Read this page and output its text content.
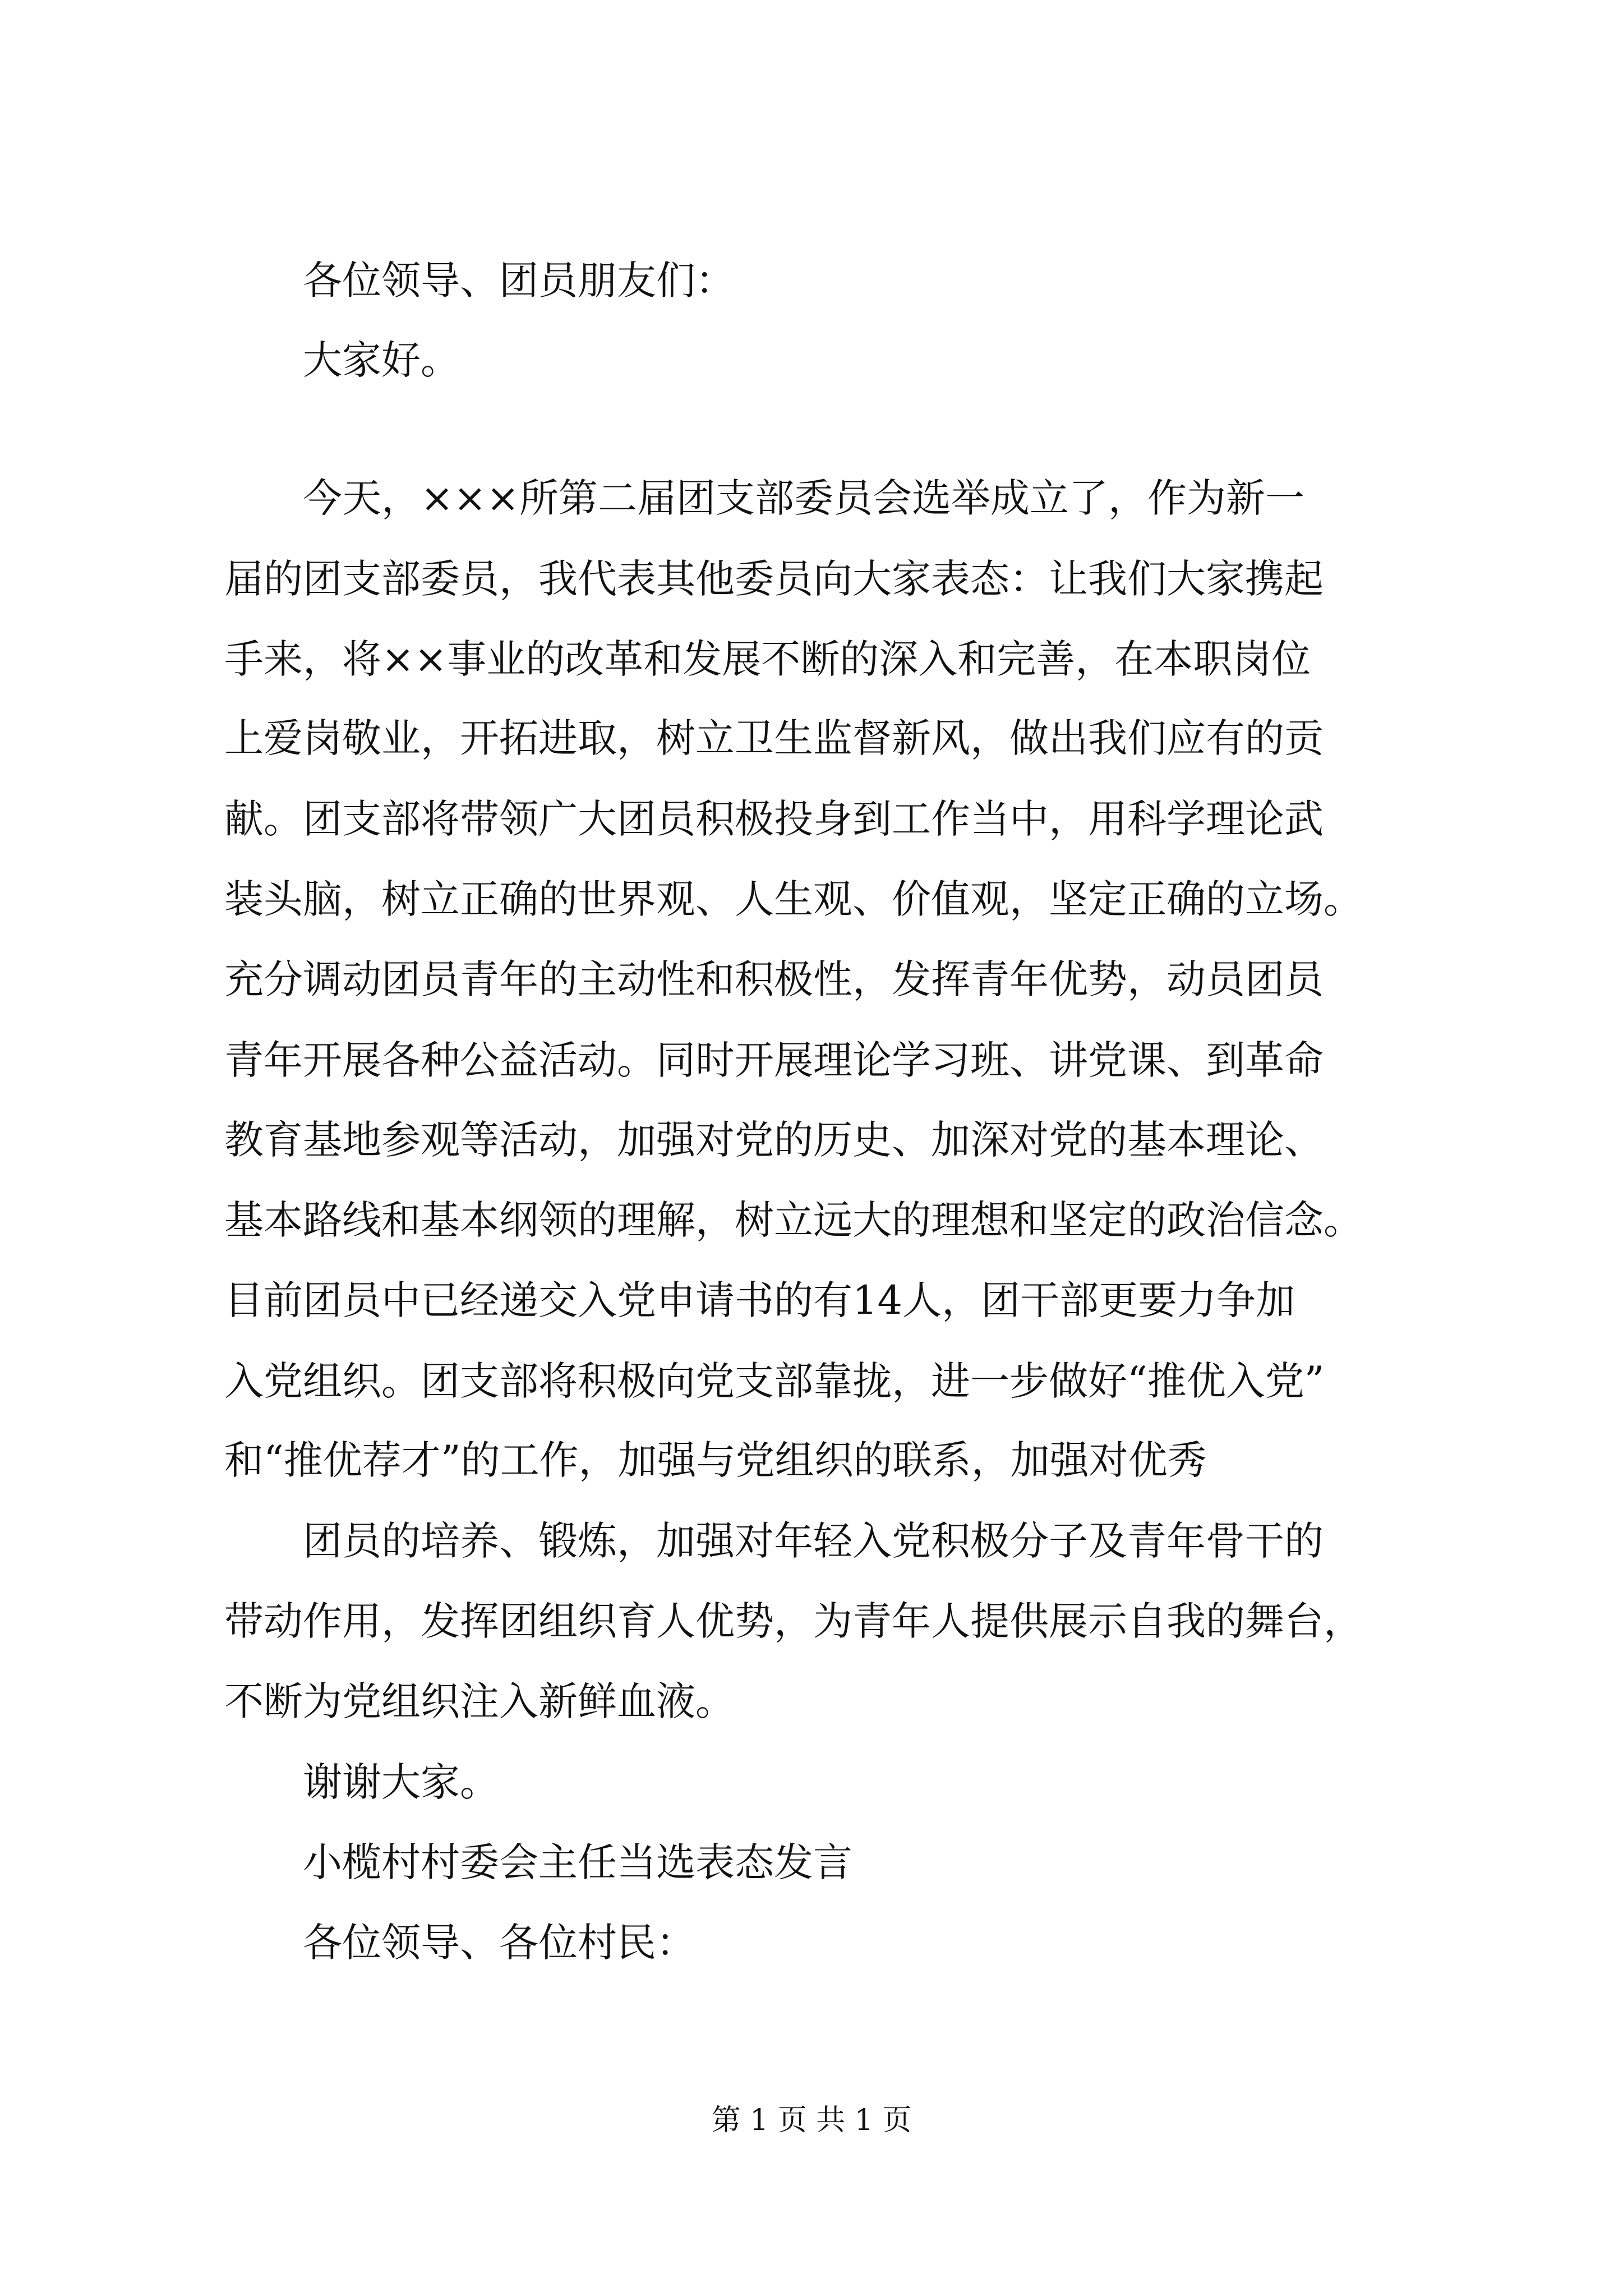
各位领导、团员朋友们：
大家好。
今天，×××所第二届团支部委员会选举成立了，作为新一
届的团支部委员，我代表其他委员向大家表态：让我们大家携起
手来，将××事业的改革和发展不断的深入和完善，在本职岗位
上爱岗敬业，开拓进取，树立卫生监督新风，做出我们应有的贡
献。团支部将带领广大团员积极投身到工作当中，用科学理论武
装头脑，树立正确的世界观、人生观、价值观，坚定正确的立场。
充分调动团员青年的主动性和积极性，发挥青年优势，动员团员
青年开展各种公益活动。同时开展理论学习班、讲党课、到革命
教育基地参观等活动，加强对党的历史、加深对党的基本理论、
基本路线和基本纲领的理解，树立远大的理想和坚定的政治信念。
目前团员中已经递交入党申请书的有14人，团干部更要力争加
入党组织。团支部将积极向党支部靠拢，进一步做好“推优入党”
和“推优荐才”的工作，加强与党组织的联系，加强对优秀
团员的培养、锻炼，加强对年轻入党积极分子及青年骨干的
带动作用，发挥团组织育人优势，为青年人提供展示自我的舞台，
不断为党组织注入新鲜血液。
谢谢大家。
小榄村村委会主任当选表态发言
各位领导、各位村民：
第 1 页 共 1 页
